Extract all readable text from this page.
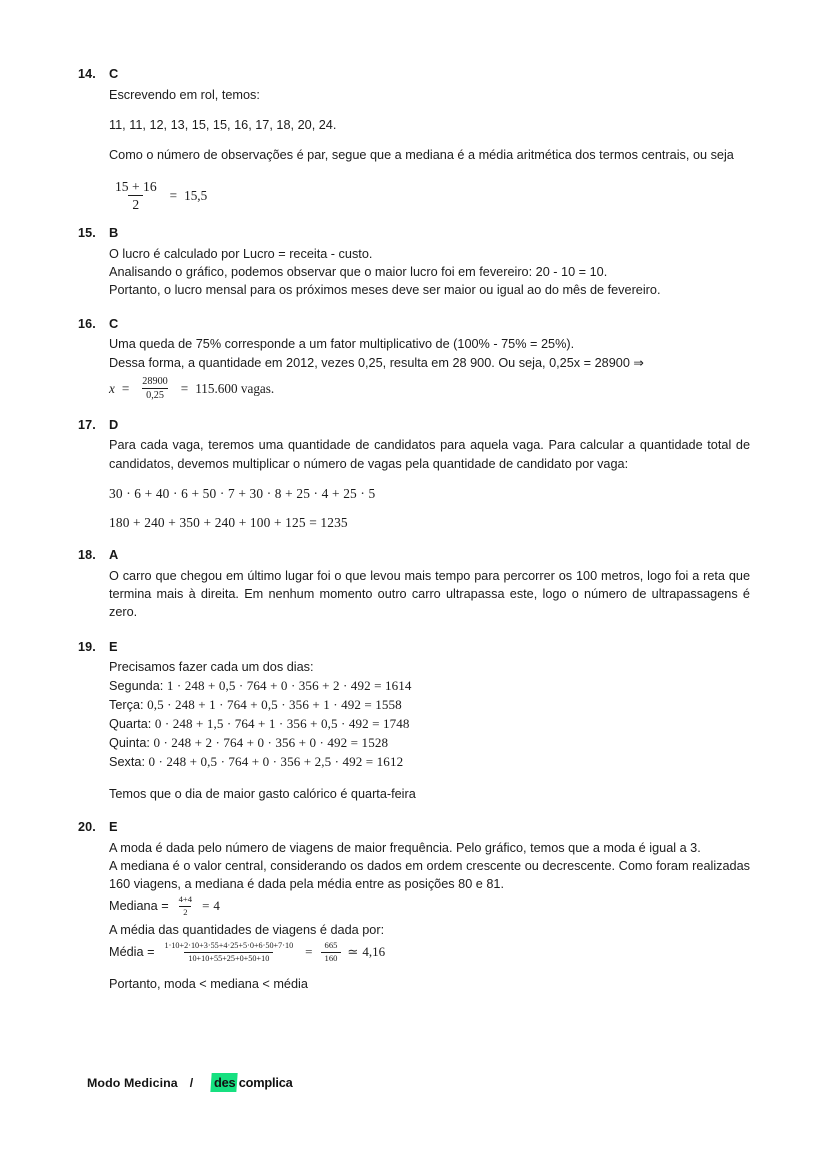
14.	C

Escrevendo em rol, temos:

11, 11, 12, 13, 15, 15, 16, 17, 18, 20, 24.

Como o número de observações é par, segue que a mediana é a média aritmética dos termos centrais, ou seja

$\frac{15 + 16}{2} = 15,5$
15.	B

O lucro é calculado por Lucro = receita - custo.

Analisando o gráfico, podemos observar que o maior lucro foi em fevereiro: 20 - 10 = 10.

Portanto, o lucro mensal para os próximos meses deve ser maior ou igual ao do mês de fevereiro.

16.	C

Uma queda de 75% corresponde a um fator multiplicativo de (100% - 75% = 25%).

Dessa forma, a quantidade em 2012, vezes 0,25, resulta em 28 900. Ou seja, 0,25x = 28900 ⇒

$x = \frac{28900}{0,25} = 115.600$ vagas.
17.	D

Para cada vaga, teremos uma quantidade de candidatos para aquela vaga. Para calcular a quantidade total de candidatos, devemos multiplicar o número de vagas pela quantidade de candidato por vaga:

30 · 6 + 40 · 6 + 50 · 7 + 30 · 8 + 25 · 4 + 25 · 5
180 + 240 + 350 + 240 + 100 + 125 = 1235
18.	A

O carro que chegou em último lugar foi o que levou mais tempo para percorrer os 100 metros, logo foi a reta que termina mais à direita. Em nenhum momento outro carro ultrapassa este, logo o número de ultrapassagens é zero.

19.	E

Precisamos fazer cada um dos dias:

Segunda: 1 · 248 + 0,5 · 764 + 0 · 356 + 2 · 492 = 1614
Terça: 0,5 · 248 + 1 · 764 + 0,5 · 356 + 1 · 492 = 1558
Quarta: 0 · 248 + 1,5 · 764 + 1 · 356 + 0,5 · 492 = 1748
Quinta: 0 · 248 + 2 · 764 + 0 · 356 + 0 · 492 = 1528
Sexta: 0 · 248 + 0,5 · 764 + 0 · 356 + 2,5 · 492 = 1612

Temos que o dia de maior gasto calórico é quarta-feira

20.	E

A moda é dada pelo número de viagens de maior frequência. Pelo gráfico, temos que a moda é igual a 3.

A mediana é o valor central, considerando os dados em ordem crescente ou decrescente. Como foram realizadas 160 viagens, a mediana é dada pela média entre as posições 80 e 81.

Mediana = $\frac{4+4}{2} = 4$

A média das quantidades de viagens é dada por:

Média = $\frac{1\cdot 10+2\cdot 10+3\cdot 55+4\cdot 25+5\cdot 0+6\cdot 50+7\cdot 10}{10+10+55+25+0+50+10} = \frac{665}{160}$ ≃ 4,16

Portanto, moda < mediana < média

Modo Medicina / des complica
